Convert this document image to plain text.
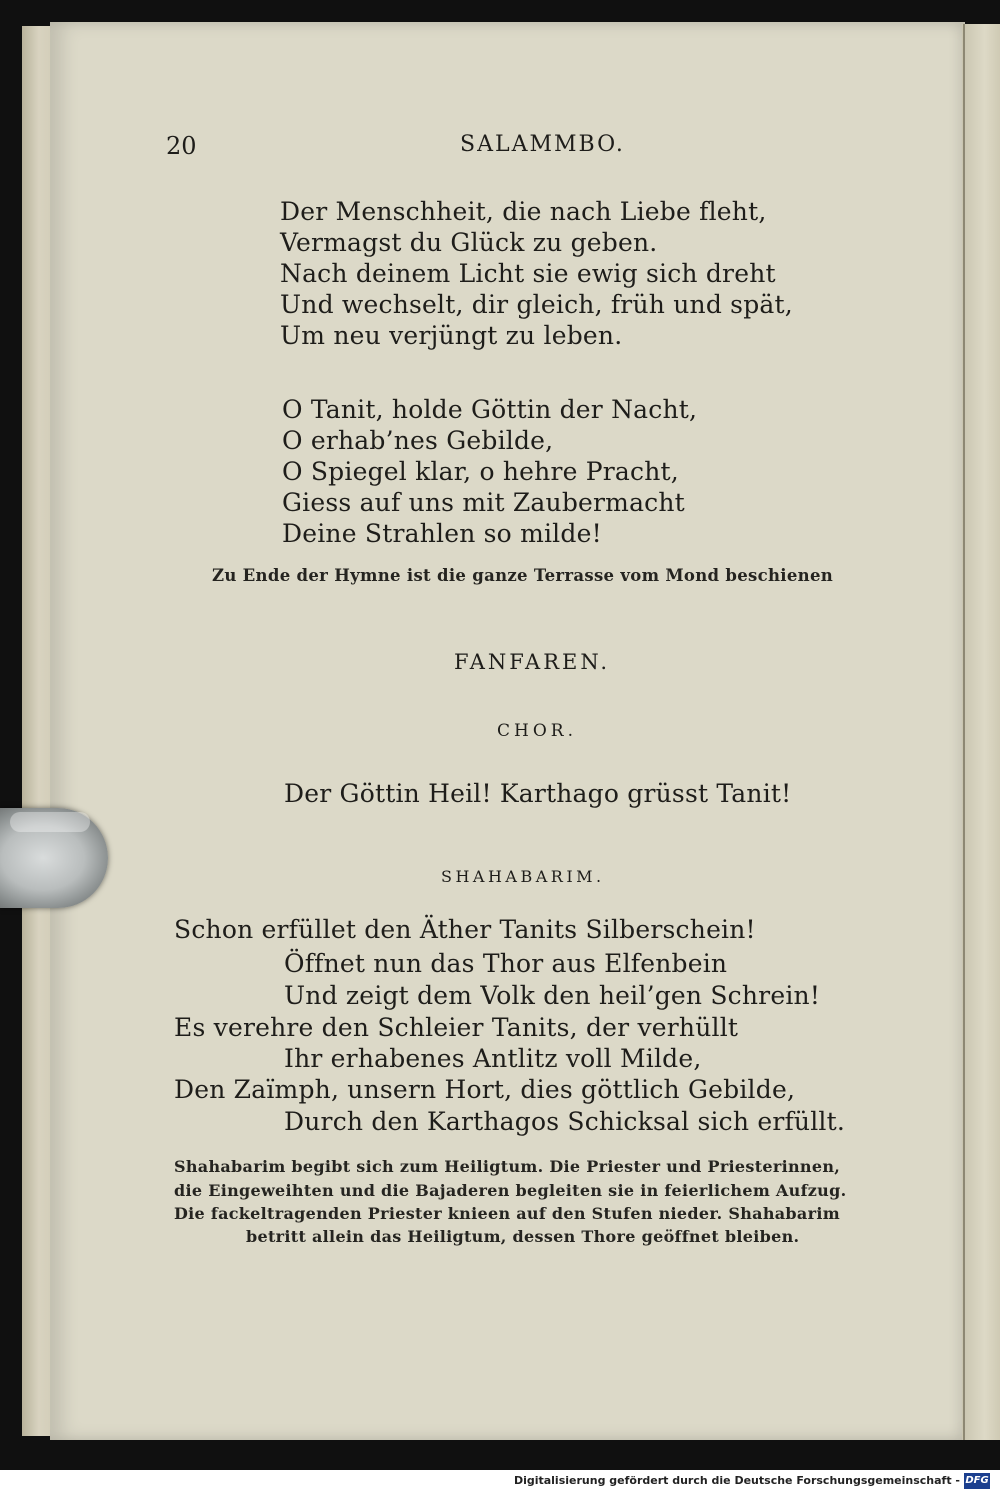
20	SALAMMBO.
Der Menschheit, die nach Liebe fleht,
Vermagst du Glück zu geben.
Nach deinem Licht sie ewig sich dreht
Und wechselt, dir gleich, früh und spät,
Um neu verjüngt zu leben.
O Tanit, holde Göttin der Nacht,
O erhab’nes Gebilde,
O Spiegel klar, o hehre Pracht,
Giess auf uns mit Zaubermacht
Deine Strahlen so milde!
Zu Ende der Hymne ist die ganze Terrasse vom Mond beschienen
FANFAREN.
CHOR.
Der Göttin Heil! Karthago grüsst Tanit!
SHAHABARIM.
Schon erfüllet den Äther Tanits Silberschein!
Öffnet nun das Thor aus Elfenbein
Und zeigt dem Volk den heil’gen Schrein!
Es verehre den Schleier Tanits, der verhüllt
Ihr erhabenes Antlitz voll Milde,
Den Zaïmph, unsern Hort, dies göttlich Gebilde,
Durch den Karthagos Schicksal sich erfüllt.
Shahabarim begibt sich zum Heiligtum. Die Priester und Priesterinnen,
die Eingeweihten und die Bajaderen begleiten sie in feierlichem Aufzug.
Die fackeltragenden Priester knieen auf den Stufen nieder. Shahabarim
betritt allein das Heiligtum, dessen Thore geöffnet bleiben.
Digitalisierung gefördert durch die Deutsche Forschungsgemeinschaft - DFG
